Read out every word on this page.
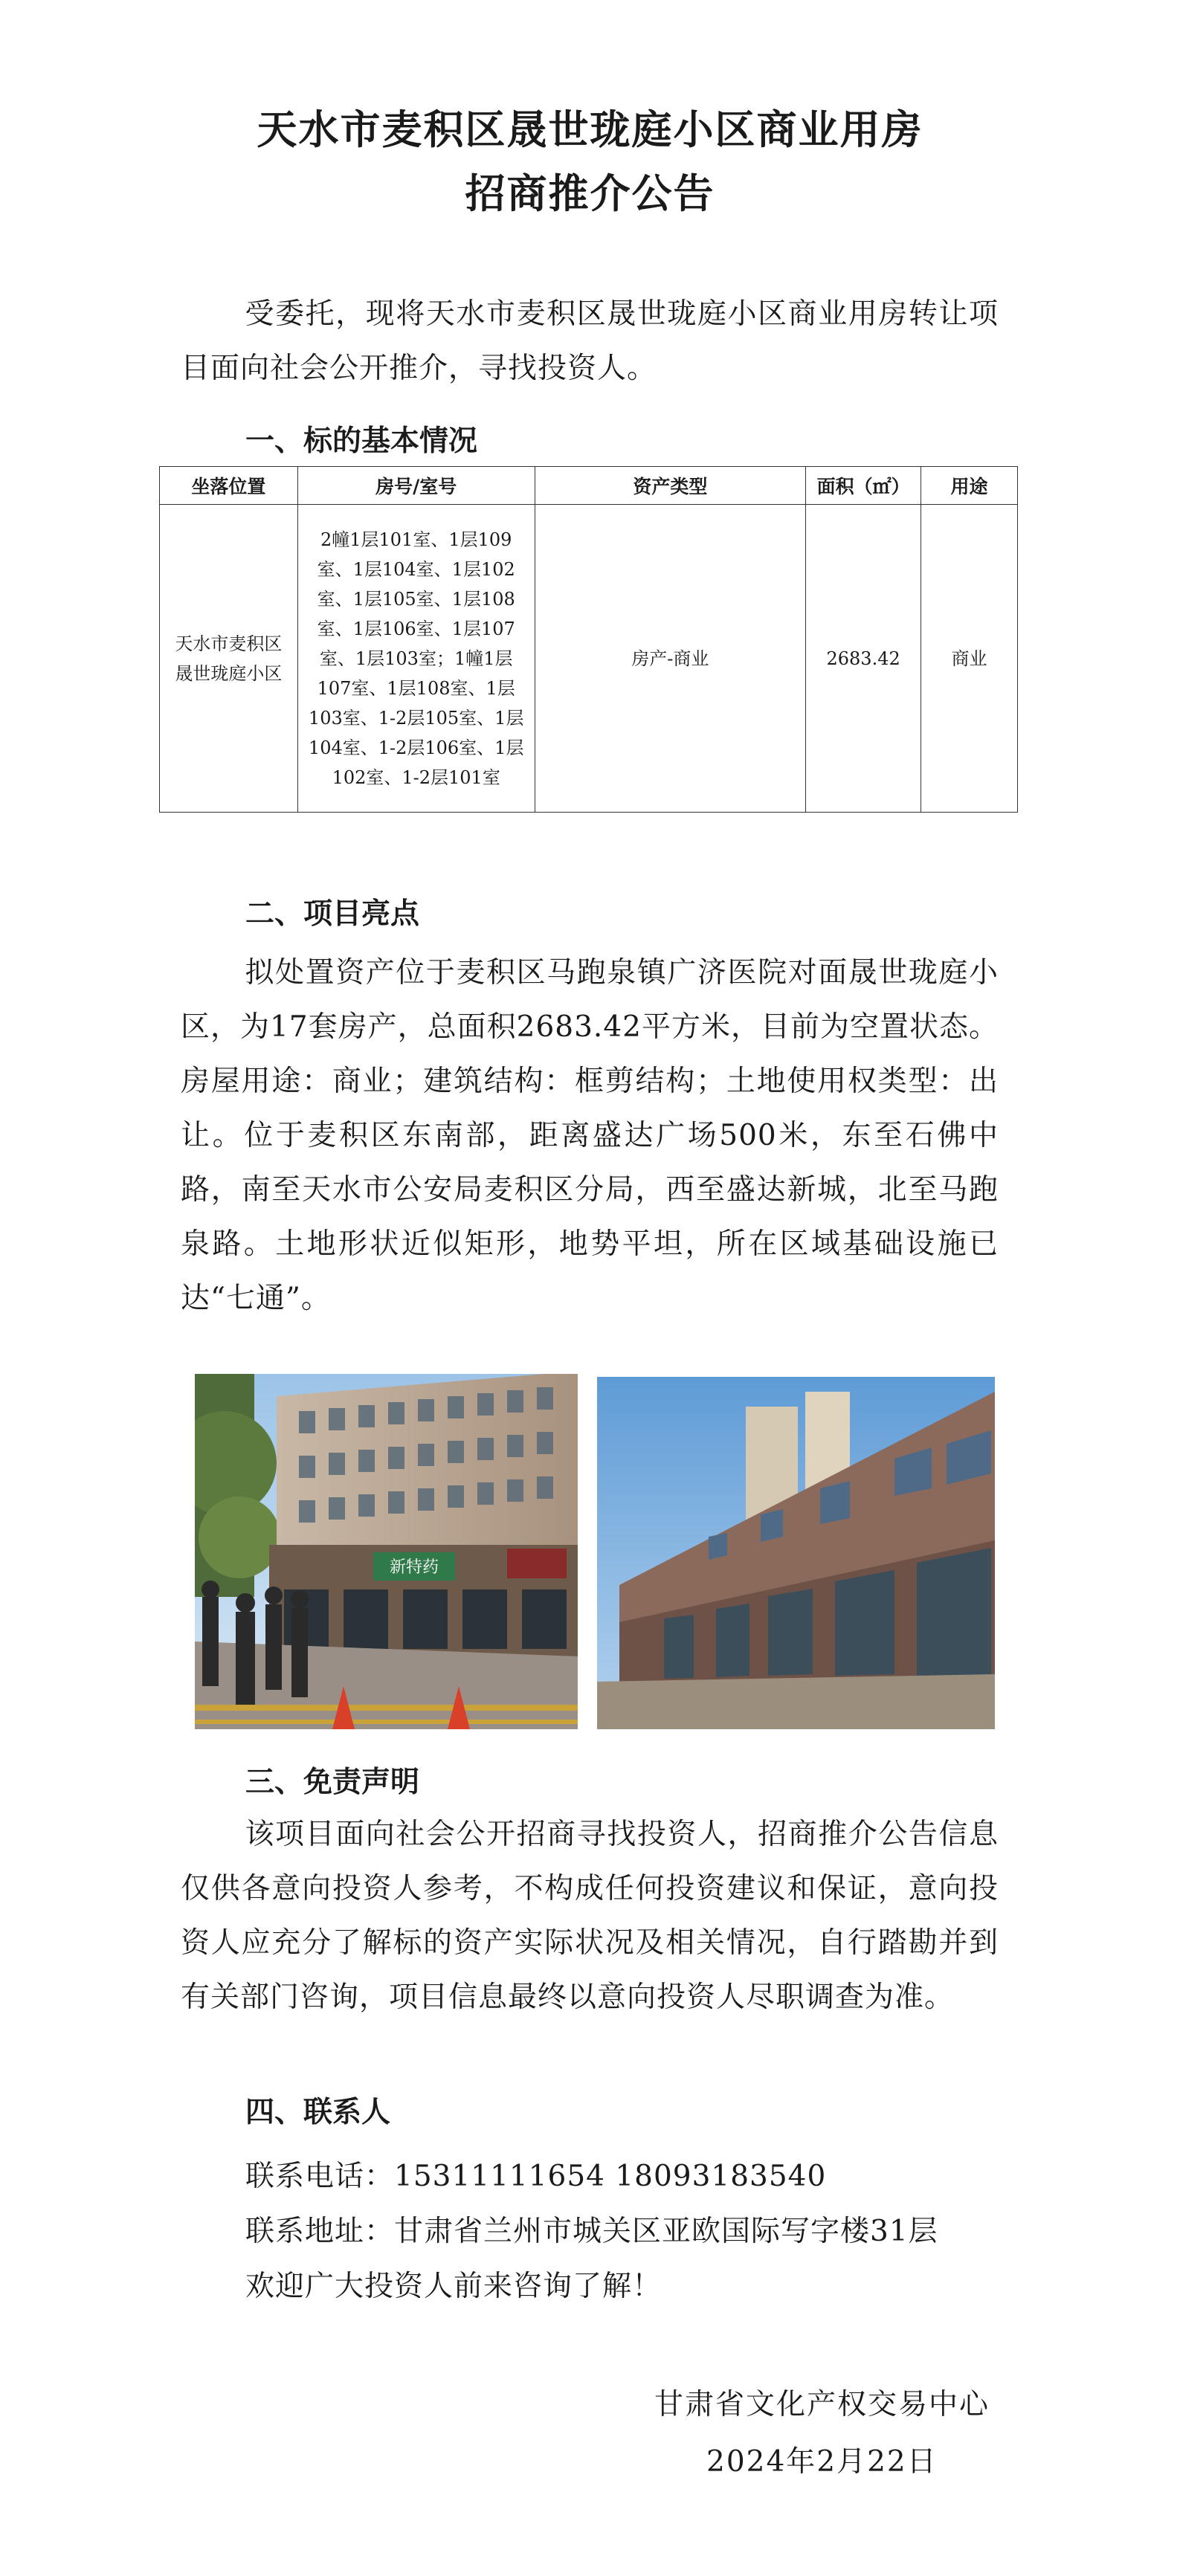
天水市麦积区晟世珑庭小区商业用房
招商推介公告
受委托，现将天水市麦积区晟世珑庭小区商业用房转让项目面向社会公开推介，寻找投资人。
一、标的基本情况
坐落位置	房号/室号	资产类型	面积（㎡）	用途
天水市麦积区晟世珑庭小区	2幢1层101室、1层109室、1层104室、1层102室、1层105室、1层108室、1层106室、1层107室、1层103室；1幢1层107室、1层108室、1层103室、1-2层105室、1层104室、1-2层106室、1层102室、1-2层101室	房产-商业	2683.42	商业
二、项目亮点
拟处置资产位于麦积区马跑泉镇广济医院对面晟世珑庭小区，为17套房产，总面积2683.42平方米，目前为空置状态。房屋用途：商业；建筑结构：框剪结构；土地使用权类型：出让。位于麦积区东南部，距离盛达广场500米，东至石佛中路，南至天水市公安局麦积区分局，西至盛达新城，北至马跑泉路。土地形状近似矩形，地势平坦，所在区域基础设施已达“七通”。
新特药
三、免责声明
该项目面向社会公开招商寻找投资人，招商推介公告信息仅供各意向投资人参考，不构成任何投资建议和保证，意向投资人应充分了解标的资产实际状况及相关情况，自行踏勘并到有关部门咨询，项目信息最终以意向投资人尽职调查为准。
四、联系人
联系电话：15311111654 18093183540
联系地址：甘肃省兰州市城关区亚欧国际写字楼31层
欢迎广大投资人前来咨询了解！
甘肃省文化产权交易中心
2024年2月22日
